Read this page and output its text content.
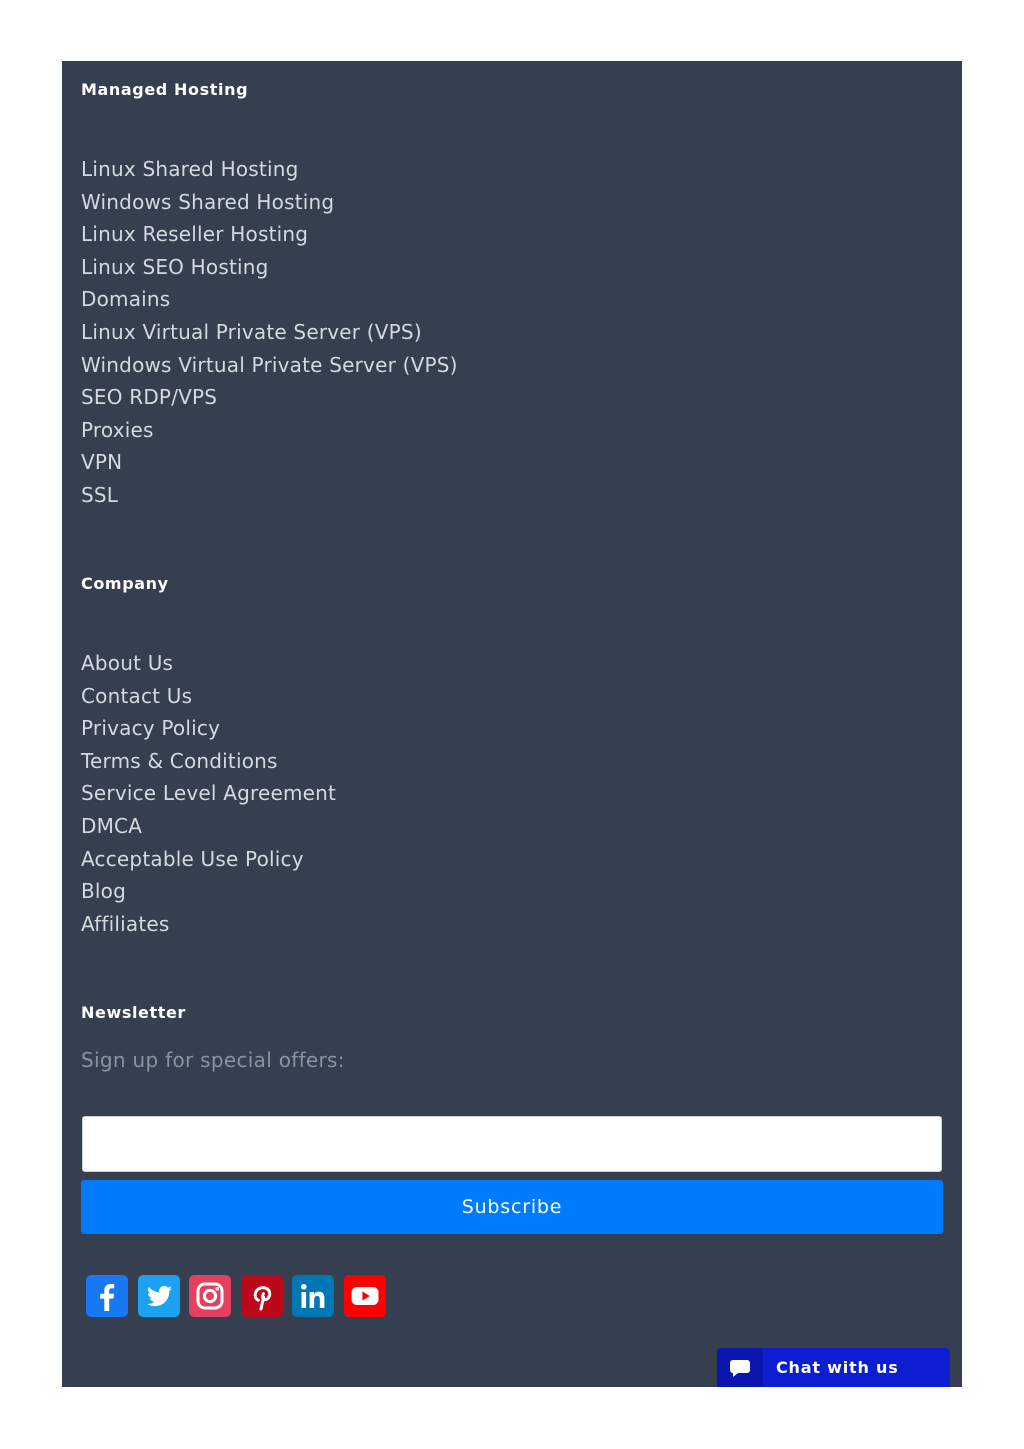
Managed Hosting
Linux Shared Hosting
Windows Shared Hosting
Linux Reseller Hosting
Linux SEO Hosting
Domains
Linux Virtual Private Server (VPS)
Windows Virtual Private Server (VPS)
SEO RDP/VPS
Proxies
VPN
SSL
Company
About Us
Contact Us
Privacy Policy
Terms & Conditions
Service Level Agreement
DMCA
Acceptable Use Policy
Blog
Affiliates
Newsletter
Sign up for special offers:
Subscribe
Chat with us
